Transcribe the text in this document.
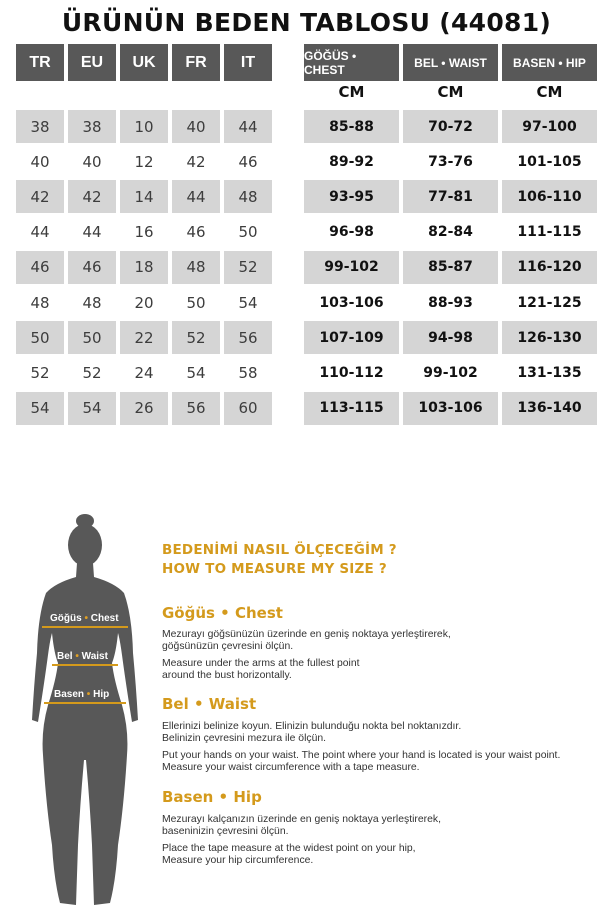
ÜRÜNÜN BEDEN TABLOSU (44081)
TR	EU	UK	FR	IT	GÖĞÜS • CHEST	BEL • WAIST	BASEN • HIP
CM	CM	CM
38	38	10	40	44	85-88	70-72	97-100
40	40	12	42	46	89-92	73-76	101-105
42	42	14	44	48	93-95	77-81	106-110
44	44	16	46	50	96-98	82-84	111-115
46	46	18	48	52	99-102	85-87	116-120
48	48	20	50	54	103-106	88-93	121-125
50	50	22	52	56	107-109	94-98	126-130
52	52	24	54	58	110-112	99-102	131-135
54	54	26	56	60	113-115	103-106	136-140
Göğüs • Chest
Bel • Waist
Basen • Hip
BEDENİMİ NASIL ÖLÇECEĞİM ?
HOW TO MEASURE MY SIZE ?
Göğüs • Chest
Mezurayı göğsünüzün üzerinde en geniş noktaya yerleştirerek,
göğsünüzün çevresini ölçün.
Measure under the arms at the fullest point
around the bust horizontally.
Bel • Waist
Ellerinizi belinize koyun. Elinizin bulunduğu nokta bel noktanızdır.
Belinizin çevresini mezura ile ölçün.
Put your hands on your waist. The point where your hand is located is your waist point.
Measure your waist circumference with a tape measure.
Basen • Hip
Mezurayı kalçanızın üzerinde en geniş noktaya yerleştirerek,
baseninizin çevresini ölçün.
Place the tape measure at the widest point on your hip,
Measure your hip circumference.
